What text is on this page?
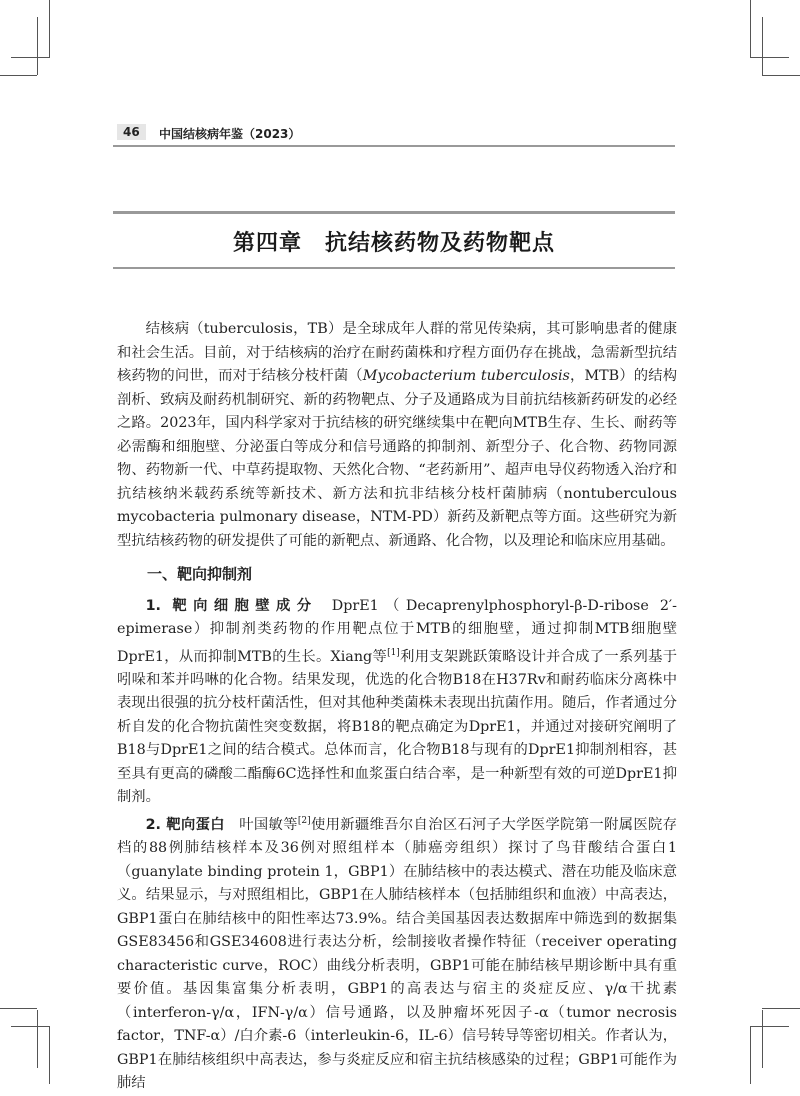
46	中国结核病年鉴（2023）
第四章　抗结核药物及药物靶点

结核病（tuberculosis，TB）是全球成年人群的常见传染病，其可影响患者的健康和社会生活。目前，对于结核病的治疗在耐药菌株和疗程方面仍存在挑战，急需新型抗结核药物的问世，而对于结核分枝杆菌（Mycobacterium tuberculosis，MTB）的结构剖析、致病及耐药机制研究、新的药物靶点、分子及通路成为目前抗结核新药研发的必经之路。2023年，国内科学家对于抗结核的研究继续集中在靶向MTB生存、生长、耐药等必需酶和细胞壁、分泌蛋白等成分和信号通路的抑制剂、新型分子、化合物、药物同源物、药物新一代、中草药提取物、天然化合物、“老药新用”、超声电导仪药物透入治疗和抗结核纳米载药系统等新技术、新方法和抗非结核分枝杆菌肺病（nontuberculous mycobacteria pulmonary disease，NTM-PD）新药及新靶点等方面。这些研究为新型抗结核药物的研发提供了可能的新靶点、新通路、化合物，以及理论和临床应用基础。

一、靶向抑制剂

1. 靶向细胞壁成分 DprE1（Decaprenylphosphoryl-β-D-ribose 2′-epimerase）抑制剂类药物的作用靶点位于MTB的细胞壁，通过抑制MTB细胞壁DprE1，从而抑制MTB的生长。Xiang等[1]利用支架跳跃策略设计并合成了一系列基于吲哚和苯并吗啉的化合物。结果发现，优选的化合物B18在H37Rv和耐药临床分离株中表现出很强的抗分枝杆菌活性，但对其他种类菌株未表现出抗菌作用。随后，作者通过分析自发的化合物抗菌性突变数据，将B18的靶点确定为DprE1，并通过对接研究阐明了B18与DprE1之间的结合模式。总体而言，化合物B18与现有的DprE1抑制剂相容，甚至具有更高的磷酸二酯酶6C选择性和血浆蛋白结合率，是一种新型有效的可逆DprE1抑制剂。

2. 靶向蛋白 叶国敏等[2]使用新疆维吾尔自治区石河子大学医学院第一附属医院存档的88例肺结核样本及36例对照组样本（肺癌旁组织）探讨了鸟苷酸结合蛋白1（guanylate binding protein 1，GBP1）在肺结核中的表达模式、潜在功能及临床意义。结果显示，与对照组相比，GBP1在人肺结核样本（包括肺组织和血液）中高表达，GBP1蛋白在肺结核中的阳性率达73.9%。结合美国基因表达数据库中筛选到的数据集GSE83456和GSE34608进行表达分析，绘制接收者操作特征（receiver operating characteristic curve，ROC）曲线分析表明，GBP1可能在肺结核早期诊断中具有重要价值。基因集富集分析表明，GBP1的高表达与宿主的炎症反应、γ/α干扰素（interferon-γ/α，IFN-γ/α）信号通路，以及肿瘤坏死因子-α（tumor necrosis factor，TNF-α）/白介素-6（interleukin-6，IL-6）信号转导等密切相关。作者认为，GBP1在肺结核组织中高表达，参与炎症反应和宿主抗结核感染的过程；GBP1可能作为肺结
